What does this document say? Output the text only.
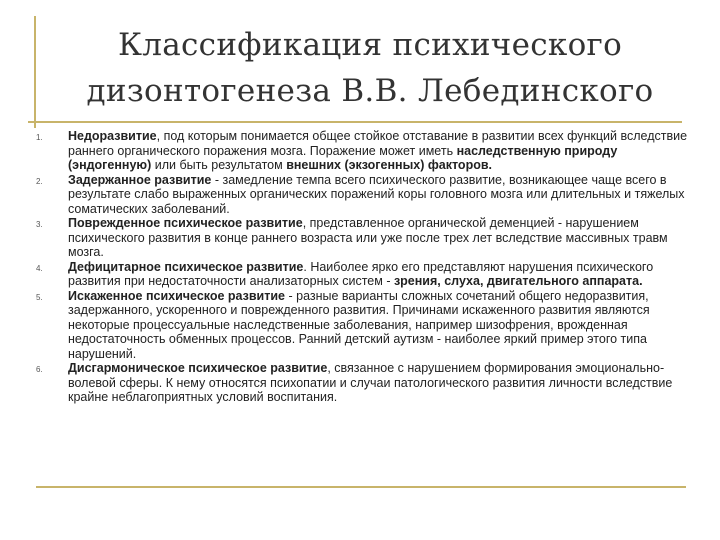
Классификация психического
дизонтогенеза В.В. Лебединского
1.	Недоразвитие, под которым понимается общее стойкое отставание в развитии всех функций вследствие раннего органического поражения мозга. Поражение может иметь наследственную природу (эндогенную) или быть результатом внешних (экзогенных) факторов.
2.	Задержанное развитие - замедление темпа всего психического развитие, возникающее чаще всего в результате слабо выраженных органических поражений коры головного мозга или длительных и тяжелых соматических заболеваний.
3.	Поврежденное психическое развитие, представленное органической деменцией - нарушением психического развития в конце раннего возраста или уже после трех лет вследствие массивных травм мозга.
4.	Дефицитарное психическое развитие. Наиболее ярко его представляют нарушения психического развития при недостаточности анализаторных систем - зрения, слуха, двигательного аппарата.
5.	Искаженное психическое развитие - разные варианты сложных сочетаний общего недоразвития, задержанного, ускоренного и поврежденного развития. Причинами искаженного развития являются некоторые процессуальные наследственные заболевания, например шизофрения, врожденная недостаточность обменных процессов. Ранний детский аутизм - наиболее яркий пример этого типа нарушений.
6.	Дисгармоническое психическое развитие, связанное с нарушением формирования эмоционально-волевой сферы. К нему относятся психопатии и случаи патологического развития личности вследствие крайне неблагоприятных условий воспитания.
